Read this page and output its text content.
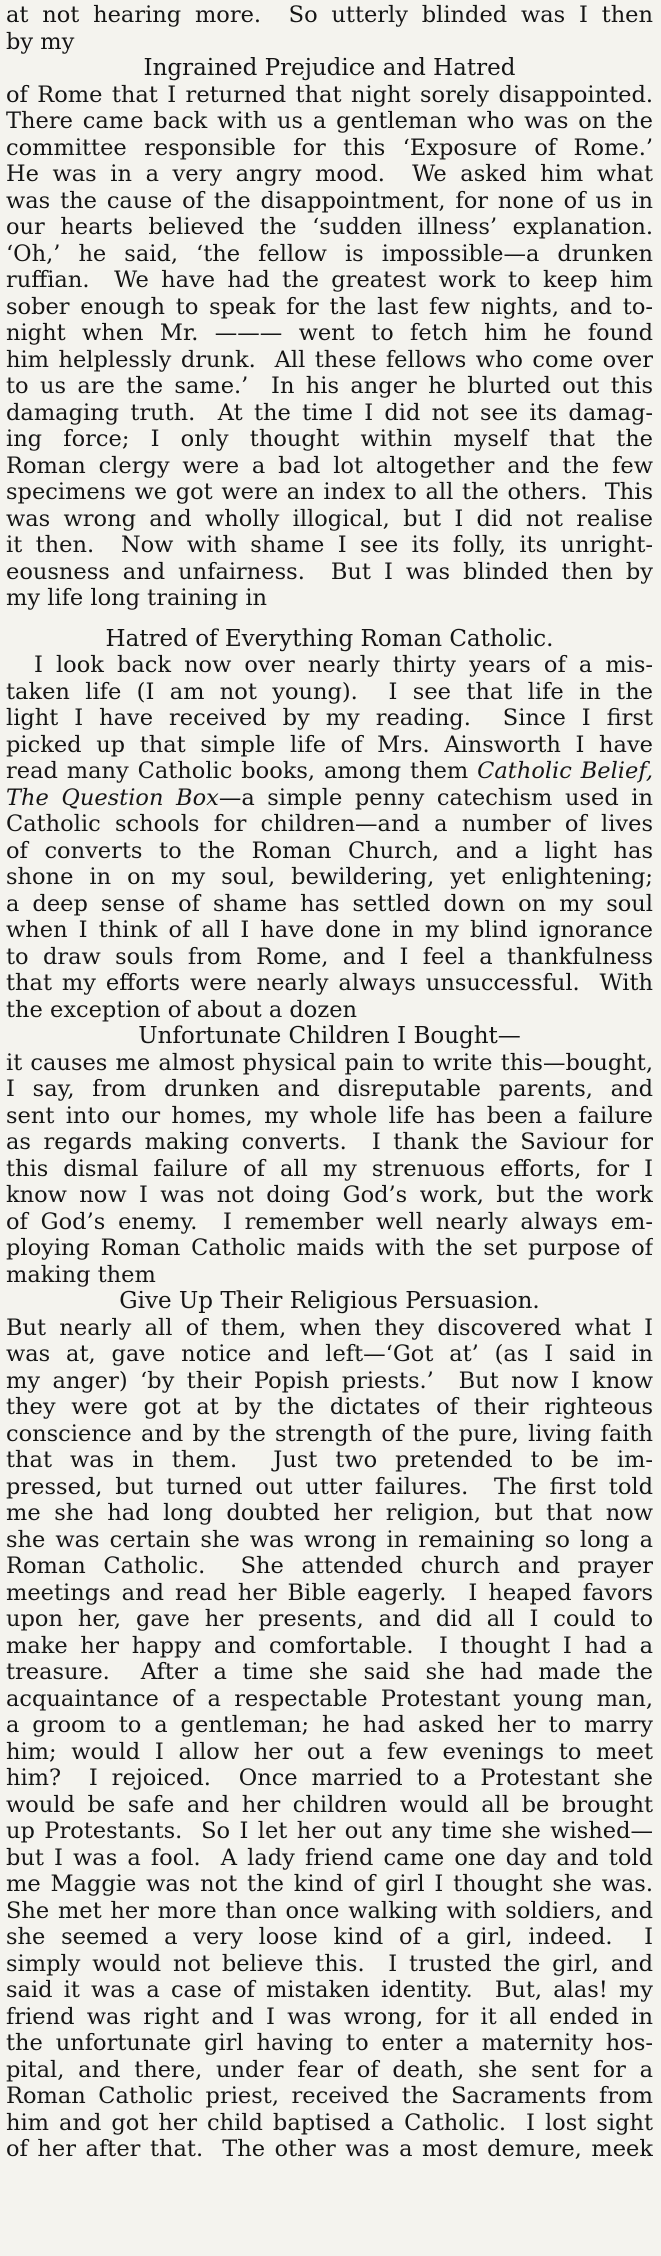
at not hearing more.  So utterly blinded was I then
by my
Ingrained Prejudice and Hatred
of Rome that I returned that night sorely disappointed.
There came back with us a gentleman who was on the
committee responsible for this ‘Exposure of Rome.’
He was in a very angry mood.  We asked him what
was the cause of the disappointment, for none of us in
our hearts believed the ‘sudden illness’ explanation.
‘Oh,’ he said, ‘the fellow is impossible—a drunken
ruffian.  We have had the greatest work to keep him
sober enough to speak for the last few nights, and to-
night when Mr. ——— went to fetch him he found
him helplessly drunk.  All these fellows who come over
to us are the same.’  In his anger he blurted out this
damaging truth.  At the time I did not see its damag-
ing force; I only thought within myself that the
Roman clergy were a bad lot altogether and the few
specimens we got were an index to all the others.  This
was wrong and wholly illogical, but I did not realise
it then.  Now with shame I see its folly, its unright-
eousness and unfairness.  But I was blinded then by
my life long training in
Hatred of Everything Roman Catholic.
I look back now over nearly thirty years of a mis-
taken life (I am not young).  I see that life in the
light I have received by my reading.  Since I first
picked up that simple life of Mrs. Ainsworth I have
read many Catholic books, among them Catholic Belief,
The Question Box—a simple penny catechism used in
Catholic schools for children—and a number of lives
of converts to the Roman Church, and a light has
shone in on my soul, bewildering, yet enlightening;
a deep sense of shame has settled down on my soul
when I think of all I have done in my blind ignorance
to draw souls from Rome, and I feel a thankfulness
that my efforts were nearly always unsuccessful.  With
the exception of about a dozen
Unfortunate Children I Bought—
it causes me almost physical pain to write this—bought,
I say, from drunken and disreputable parents, and
sent into our homes, my whole life has been a failure
as regards making converts.  I thank the Saviour for
this dismal failure of all my strenuous efforts, for I
know now I was not doing God’s work, but the work
of God’s enemy.  I remember well nearly always em-
ploying Roman Catholic maids with the set purpose of
making them
Give Up Their Religious Persuasion.
But nearly all of them, when they discovered what I
was at, gave notice and left—‘Got at’ (as I said in
my anger) ‘by their Popish priests.’  But now I know
they were got at by the dictates of their righteous
conscience and by the strength of the pure, living faith
that was in them.  Just two pretended to be im-
pressed, but turned out utter failures.  The first told
me she had long doubted her religion, but that now
she was certain she was wrong in remaining so long a
Roman Catholic.  She attended church and prayer
meetings and read her Bible eagerly.  I heaped favors
upon her, gave her presents, and did all I could to
make her happy and comfortable.  I thought I had a
treasure.  After a time she said she had made the
acquaintance of a respectable Protestant young man,
a groom to a gentleman; he had asked her to marry
him; would I allow her out a few evenings to meet
him?  I rejoiced.  Once married to a Protestant she
would be safe and her children would all be brought
up Protestants.  So I let her out any time she wished—
but I was a fool.  A lady friend came one day and told
me Maggie was not the kind of girl I thought she was.
She met her more than once walking with soldiers, and
she seemed a very loose kind of a girl, indeed.  I
simply would not believe this.  I trusted the girl, and
said it was a case of mistaken identity.  But, alas! my
friend was right and I was wrong, for it all ended in
the unfortunate girl having to enter a maternity hos-
pital, and there, under fear of death, she sent for a
Roman Catholic priest, received the Sacraments from
him and got her child baptised a Catholic.  I lost sight
of her after that.  The other was a most demure, meek
